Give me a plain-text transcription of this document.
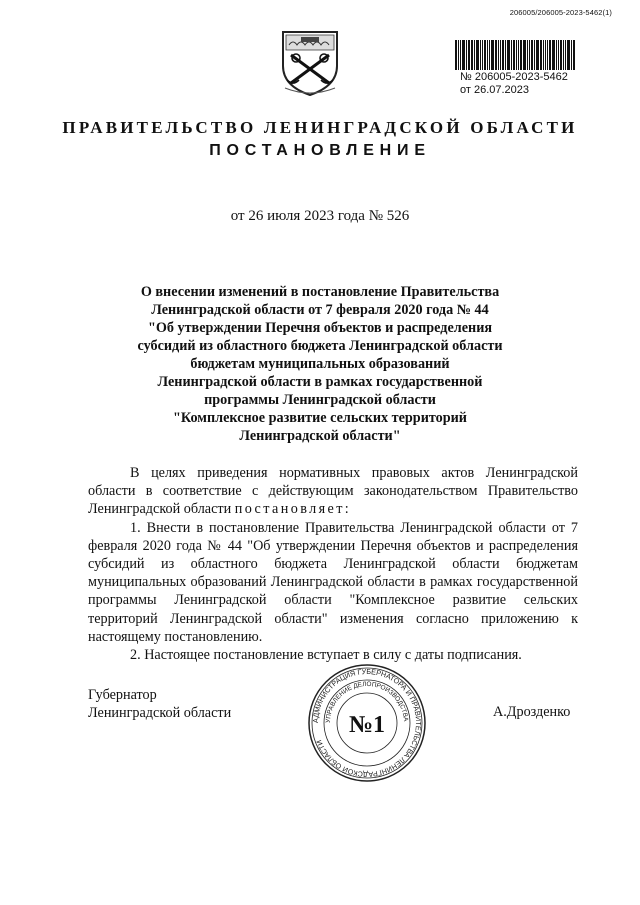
206005/206005-2023-5462(1)
№ 206005-2023-5462
от 26.07.2023
ПРАВИТЕЛЬСТВО ЛЕНИНГРАДСКОЙ ОБЛАСТИ
ПОСТАНОВЛЕНИЕ
от 26 июля 2023 года № 526
О внесении изменений в постановление Правительства
Ленинградской области от 7 февраля 2020 года № 44
"Об утверждении Перечня объектов и распределения
субсидий из областного бюджета Ленинградской области
бюджетам муниципальных образований
Ленинградской области в рамках государственной
программы Ленинградской области
"Комплексное развитие сельских территорий
Ленинградской области"

В целях приведения нормативных правовых актов Ленинградской области в соответствие с действующим законодательством Правительство Ленинградской области постановляет:

1. Внести в постановление Правительства Ленинградской области от 7 февраля 2020 года № 44 "Об утверждении Перечня объектов и распределения субсидий из областного бюджета Ленинградской области бюджетам муниципальных образований Ленинградской области в рамках государственной программы Ленинградской области "Комплексное развитие сельских территорий Ленинградской области" изменения согласно приложению к настоящему постановлению.

2. Настоящее постановление вступает в силу с даты подписания.

Губернатор
Ленинградской области	АДМИНИСТРАЦИЯ ГУБЕРНАТОРА И ПРАВИТЕЛЬСТВА ЛЕНИНГРАДСКОЙ ОБЛАСТИ
УПРАВЛЕНИЕ ДЕЛОПРОИЗВОДСТВА
№1	А.Дрозденко
